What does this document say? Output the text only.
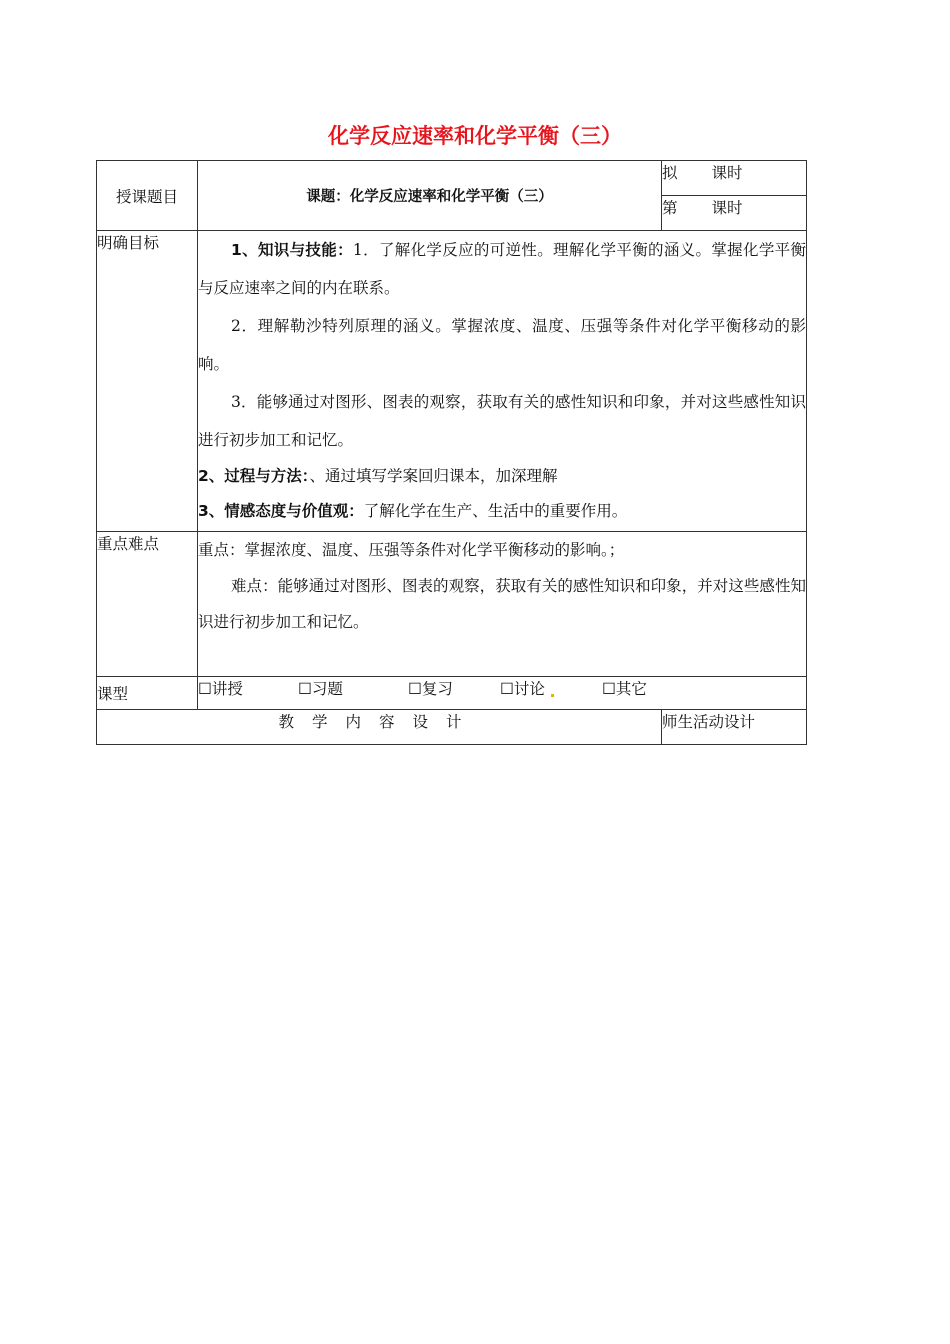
化学反应速率和化学平衡（三）
授课题目	课题：化学反应速率和化学平衡（三）	拟 课时
		第 课时
明确目标	1、知识与技能：1．了解化学反应的可逆性。理解化学平衡的涵义。掌握化学平衡与反应速率之间的内在联系。

2．理解勒沙特列原理的涵义。掌握浓度、温度、压强等条件对化学平衡移动的影响。

3．能够通过对图形、图表的观察，获取有关的感性知识和印象，并对这些感性知识进行初步加工和记忆。

2、过程与方法：、通过填写学案回归课本，加深理解

3、情感态度与价值观：了解化学在生产、生活中的重要作用。	

重点难点	重点：掌握浓度、温度、压强等条件对化学平衡移动的影响。；

难点：能够通过对图形、图表的观察，获取有关的感性知识和印象，并对这些感性知识进行初步加工和记忆。	

课型	☐讲授 ☐习题 ☐复习 ☐讨论 ☐其它	
教学内容设计		师生活动设计
